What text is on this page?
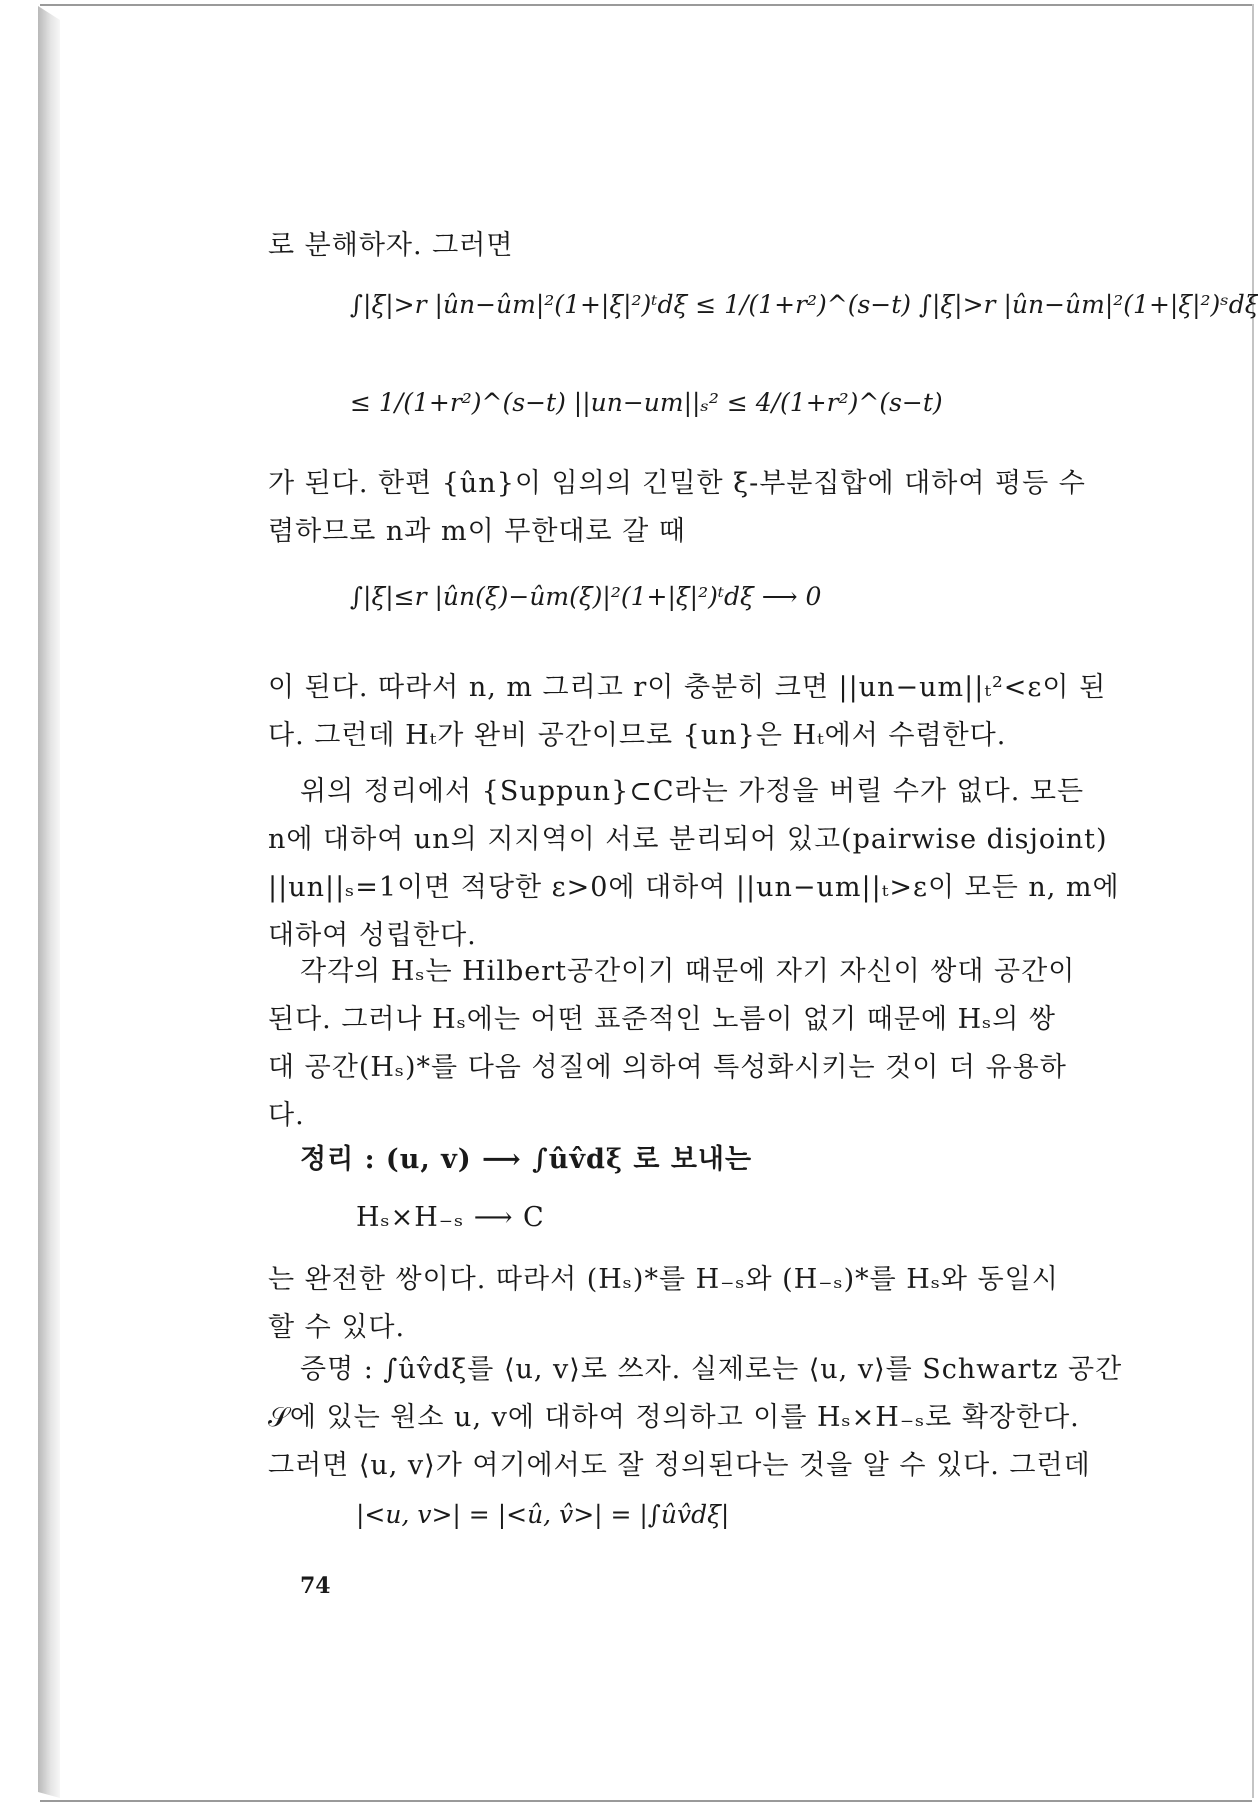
로 분해하자. 그러면
∫|ξ|>r |ûn−ûm|²(1+|ξ|²)ᵗdξ ≤ 1/(1+r²)^(s−t) ∫|ξ|>r |ûn−ûm|²(1+|ξ|²)ˢdξ
≤ 1/(1+r²)^(s−t) ||un−um||ₛ² ≤ 4/(1+r²)^(s−t)
가 된다. 한편 {ûn}이 임의의 긴밀한 ξ-부분집합에 대하여 평등 수
렴하므로 n과 m이 무한대로 갈 때
∫|ξ|≤r |ûn(ξ)−ûm(ξ)|²(1+|ξ|²)ᵗdξ ⟶ 0
이 된다. 따라서 n, m 그리고 r이 충분히 크면 ||un−um||ₜ²<ε이 된
다. 그런데 Hₜ가 완비 공간이므로 {un}은 Hₜ에서 수렴한다.
위의 정리에서 {Suppun}⊂C라는 가정을 버릴 수가 없다. 모든
n에 대하여 un의 지지역이 서로 분리되어 있고(pairwise disjoint)
||un||ₛ=1이면 적당한 ε>0에 대하여 ||un−um||ₜ>ε이 모든 n, m에
대하여 성립한다.
각각의 Hₛ는 Hilbert공간이기 때문에 자기 자신이 쌍대 공간이
된다. 그러나 Hₛ에는 어떤 표준적인 노름이 없기 때문에 Hₛ의 쌍
대 공간(Hₛ)*를 다음 성질에 의하여 특성화시키는 것이 더 유용하
다.
정리 : (u, v) ⟶ ∫ûv̂dξ 로 보내는
Hₛ×H₋ₛ ⟶ C
는 완전한 쌍이다. 따라서 (Hₛ)*를 H₋ₛ와 (H₋ₛ)*를 Hₛ와 동일시
할 수 있다.
증명 : ∫ûv̂dξ를 ⟨u, v⟩로 쓰자. 실제로는 ⟨u, v⟩를 Schwartz 공간
𝒮에 있는 원소 u, v에 대하여 정의하고 이를 Hₛ×H₋ₛ로 확장한다.
그러면 ⟨u, v⟩가 여기에서도 잘 정의된다는 것을 알 수 있다. 그런데
|<u, v>| = |<û, v̂>| = |∫ûv̂dξ|
74
